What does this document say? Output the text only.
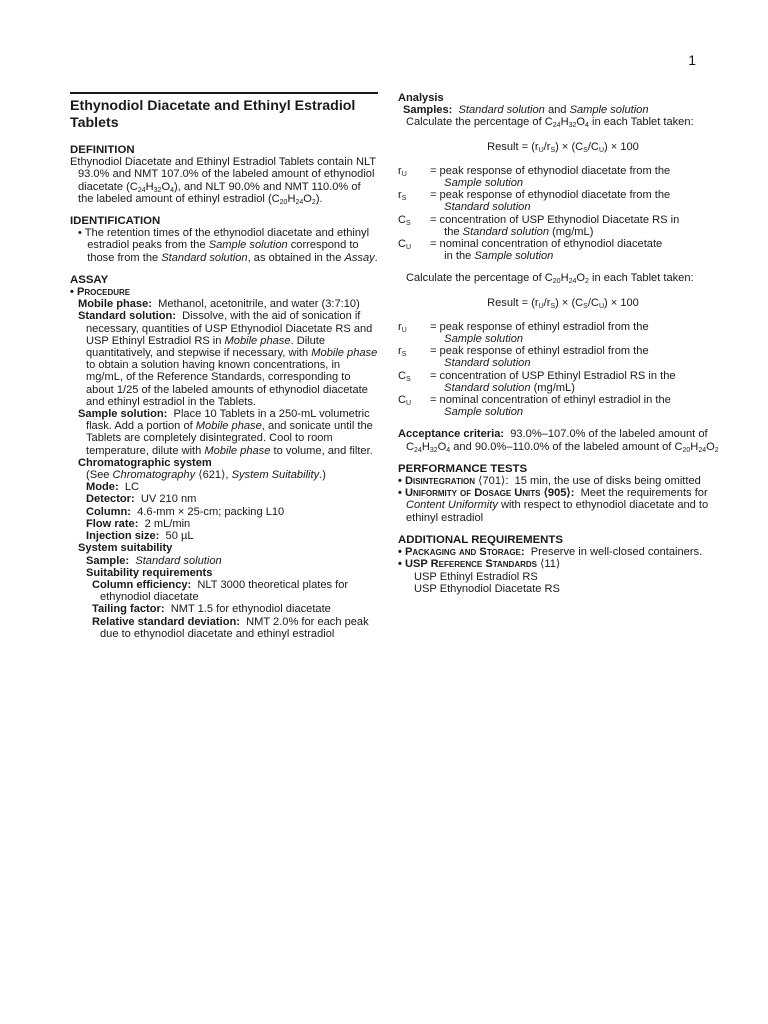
1
Ethynodiol Diacetate and Ethinyl Estradiol Tablets
DEFINITION
Ethynodiol Diacetate and Ethinyl Estradiol Tablets contain NLT 93.0% and NMT 107.0% of the labeled amount of ethynodiol diacetate $(C_{24}H_{32}O_4)$, and NLT 90.0% and NMT 110.0% of the labeled amount of ethinyl estradiol $(C_{20}H_{24}O_2)$.
IDENTIFICATION
• The retention times of the ethynodiol diacetate and ethinyl
estradiol peaks from the Sample solution correspond to
those from the Standard solution, as obtained in the Assay.
ASSAY
• Procedure
Mobile phase: Methanol, acetonitrile, and water (3:7:10)
Standard solution:  Dissolve, with the aid of sonication if necessary, quantities of USP Ethynodiol Diacetate RS and USP Ethinyl Estradiol RS in Mobile phase. Dilute quantitatively, and stepwise if necessary, with Mobile phase to obtain a solution having known concentrations, in mg/mL, of the Reference Standards, corresponding to about 1/25 of the labeled amounts of ethynodiol diacetate and ethinyl estradiol in the Tablets.
Sample solution:  Place 10 Tablets in a 250-mL volumetric flask. Add a portion of Mobile phase, and sonicate until the Tablets are completely disintegrated. Cool to room temperature, dilute with Mobile phase to volume, and filter.
Chromatographic system
(See Chromatography ⟨621⟩, System Suitability.)
Mode: LC
Detector: UV 210 nm
Column: 4.6-mm × 25-cm; packing L10
Flow rate: 2 mL/min
Injection size: 50 µL
System suitability
Sample: Standard solution
Suitability requirements
Column efficiency: NLT 3000 theoretical plates for ethynodiol diacetate
Tailing factor: NMT 1.5 for ethynodiol diacetate
Relative standard deviation: NMT 2.0% for each peak due to ethynodiol diacetate and ethinyl estradiol
Analysis
Samples: Standard solution and Sample solution
Calculate the percentage of $C_{24}H_{32}O_4$ in each Tablet taken:
Result = $(r_U/r_S) \times (C_S/C_U) \times 100$
$r_U$	= peak response of ethynodiol diacetate from the
Sample solution
$r_S$	= peak response of ethynodiol diacetate from the
Standard solution
$C_S$	= concentration of USP Ethynodiol Diacetate RS in
the Standard solution (mg/mL)
$C_U$	= nominal concentration of ethynodiol diacetate
in the Sample solution
Calculate the percentage of $C_{20}H_{24}O_2$ in each Tablet taken:
Result = $(r_U/r_S) \times (C_S/C_U) \times 100$
$r_U$	= peak response of ethinyl estradiol from the
Sample solution
$r_S$	= peak response of ethinyl estradiol from the
Standard solution
$C_S$	= concentration of USP Ethinyl Estradiol RS in the
Standard solution (mg/mL)
$C_U$	= nominal concentration of ethinyl estradiol in the
Sample solution
Acceptance criteria:  93.0%–107.0% of the labeled amount of $C_{24}H_{32}O_4$ and 90.0%–110.0% of the labeled amount of $C_{20}H_{24}O_2$
PERFORMANCE TESTS
• Disintegration ⟨701⟩: 15 min, the use of disks being omitted
• Uniformity of Dosage Units ⟨905⟩:  Meet the requirements for Content Uniformity with respect to ethynodiol diacetate and to ethinyl estradiol
ADDITIONAL REQUIREMENTS
• Packaging and Storage: Preserve in well-closed containers.
• USP Reference Standards ⟨11⟩
USP Ethinyl Estradiol RS
USP Ethynodiol Diacetate RS
